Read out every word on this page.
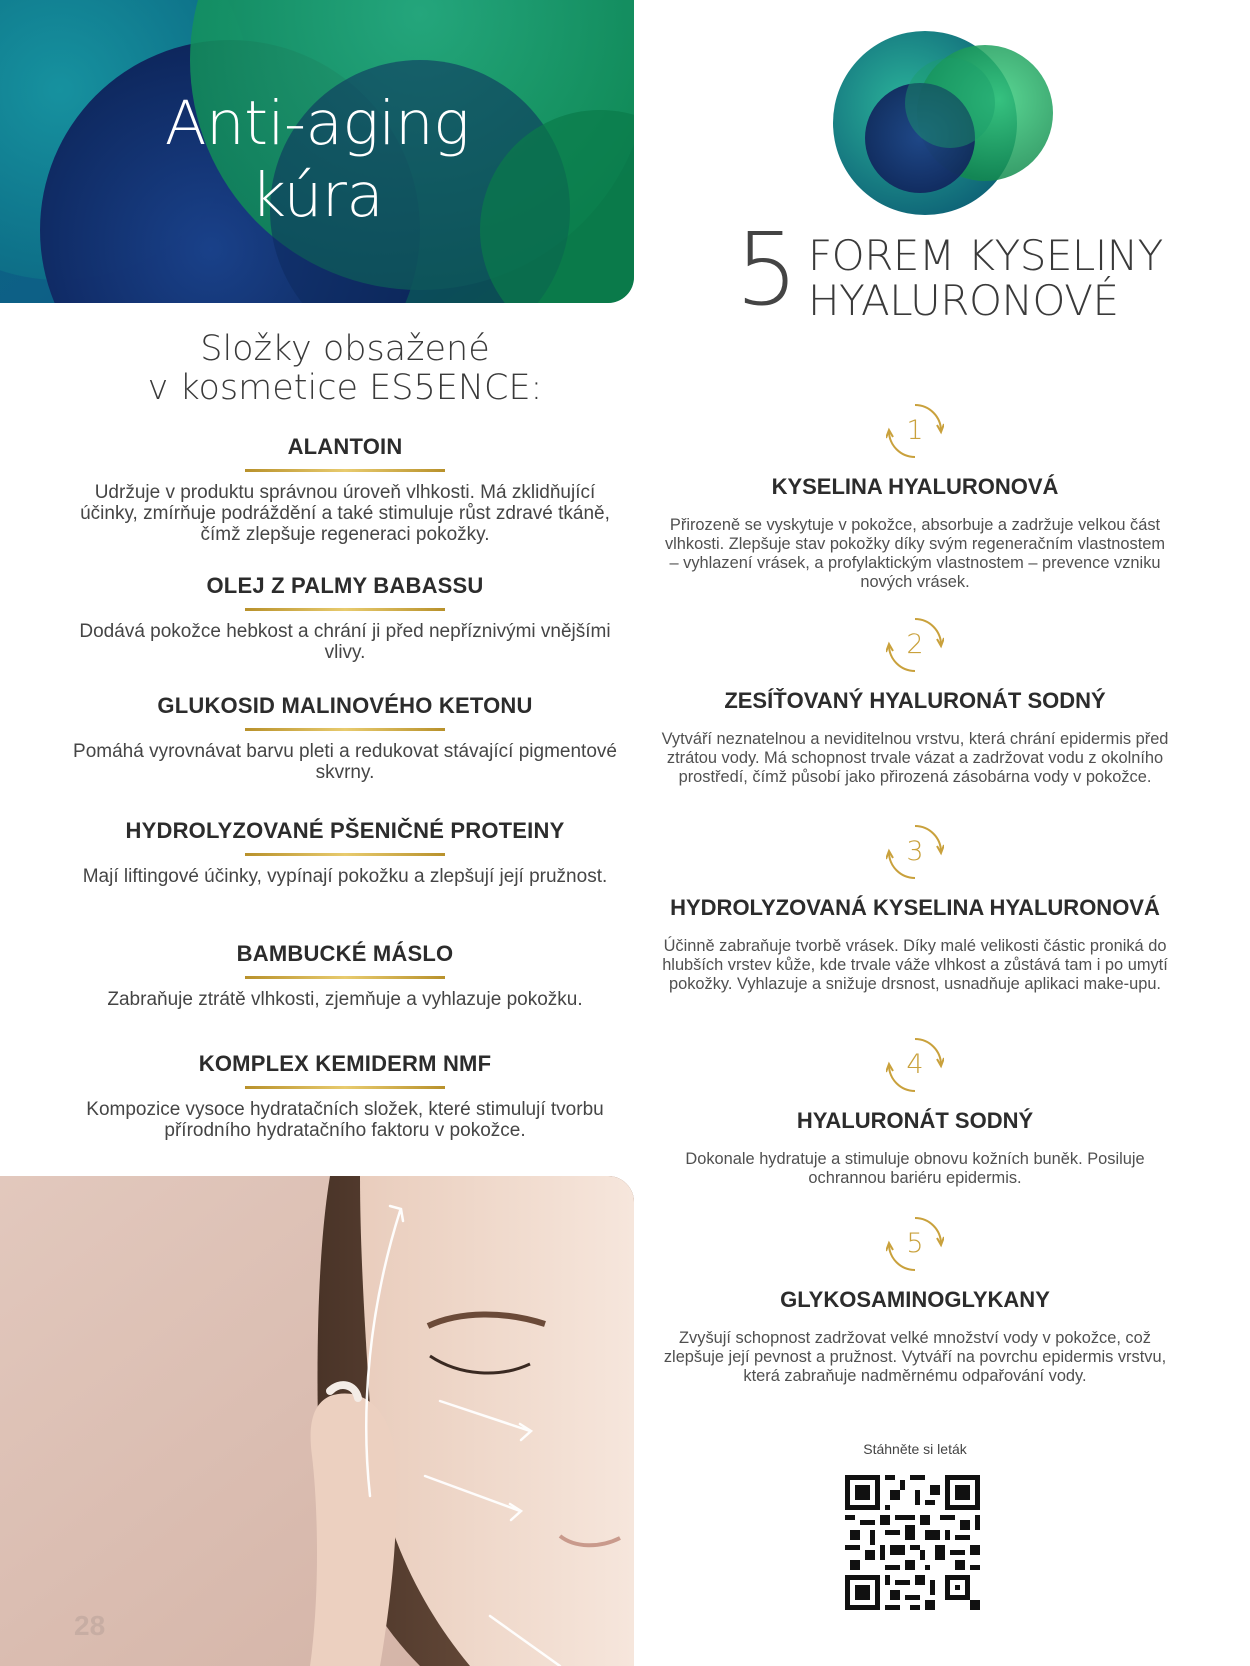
Anti-aging
kúra
Složky obsažené
v kosmetice ES5ENCE:
ALANTOIN

Udržuje v produktu správnou úroveň vlhkosti. Má zklidňující účinky, zmírňuje podráždění a také stimuluje růst zdravé tkáně, čímž zlepšuje regeneraci pokožky.

OLEJ Z PALMY BABASSU

Dodává pokožce hebkost a chrání ji před nepříznivými vnějšími vlivy.

GLUKOSID MALINOVÉHO KETONU

Pomáhá vyrovnávat barvu pleti a redukovat stávající pigmentové skvrny.

HYDROLYZOVANÉ PŠENIČNÉ PROTEINY

Mají liftingové účinky, vypínají pokožku a zlepšují její pružnost.

BAMBUCKÉ MÁSLO

Zabraňuje ztrátě vlhkosti, zjemňuje a vyhlazuje pokožku.

KOMPLEX KEMIDERM NMF

Kompozice vysoce hydratačních složek, které stimulují tvorbu přírodního hydratačního faktoru v pokožce.

28
5 FOREM KYSELINY
HYALURONOVÉ
1
KYSELINA HYALURONOVÁ

Přirozeně se vyskytuje v pokožce, absorbuje a zadržuje velkou část vlhkosti. Zlepšuje stav pokožky díky svým regeneračním vlastnostem – vyhlazení vrásek, a profylaktickým vlastnostem – prevence vzniku nových vrásek.

2
ZESÍŤOVANÝ HYALURONÁT SODNÝ

Vytváří neznatelnou a neviditelnou vrstvu, která chrání epidermis před ztrátou vody. Má schopnost trvale vázat a zadržovat vodu z okolního prostředí, čímž působí jako přirozená zásobárna vody v pokožce.

3
HYDROLYZOVANÁ KYSELINA HYALURONOVÁ

Účinně zabraňuje tvorbě vrásek. Díky malé velikosti částic proniká do hlubších vrstev kůže, kde trvale váže vlhkost a zůstává tam i po umytí pokožky. Vyhlazuje a snižuje drsnost, usnadňuje aplikaci make-upu.

4
HYALURONÁT SODNÝ

Dokonale hydratuje a stimuluje obnovu kožních buněk. Posiluje ochrannou bariéru epidermis.

5
GLYKOSAMINOGLYKANY

Zvyšují schopnost zadržovat velké množství vody v pokožce, což zlepšuje její pevnost a pružnost. Vytváří na povrchu epidermis vrstvu, která zabraňuje nadměrnému odpařování vody.

Stáhněte si leták
